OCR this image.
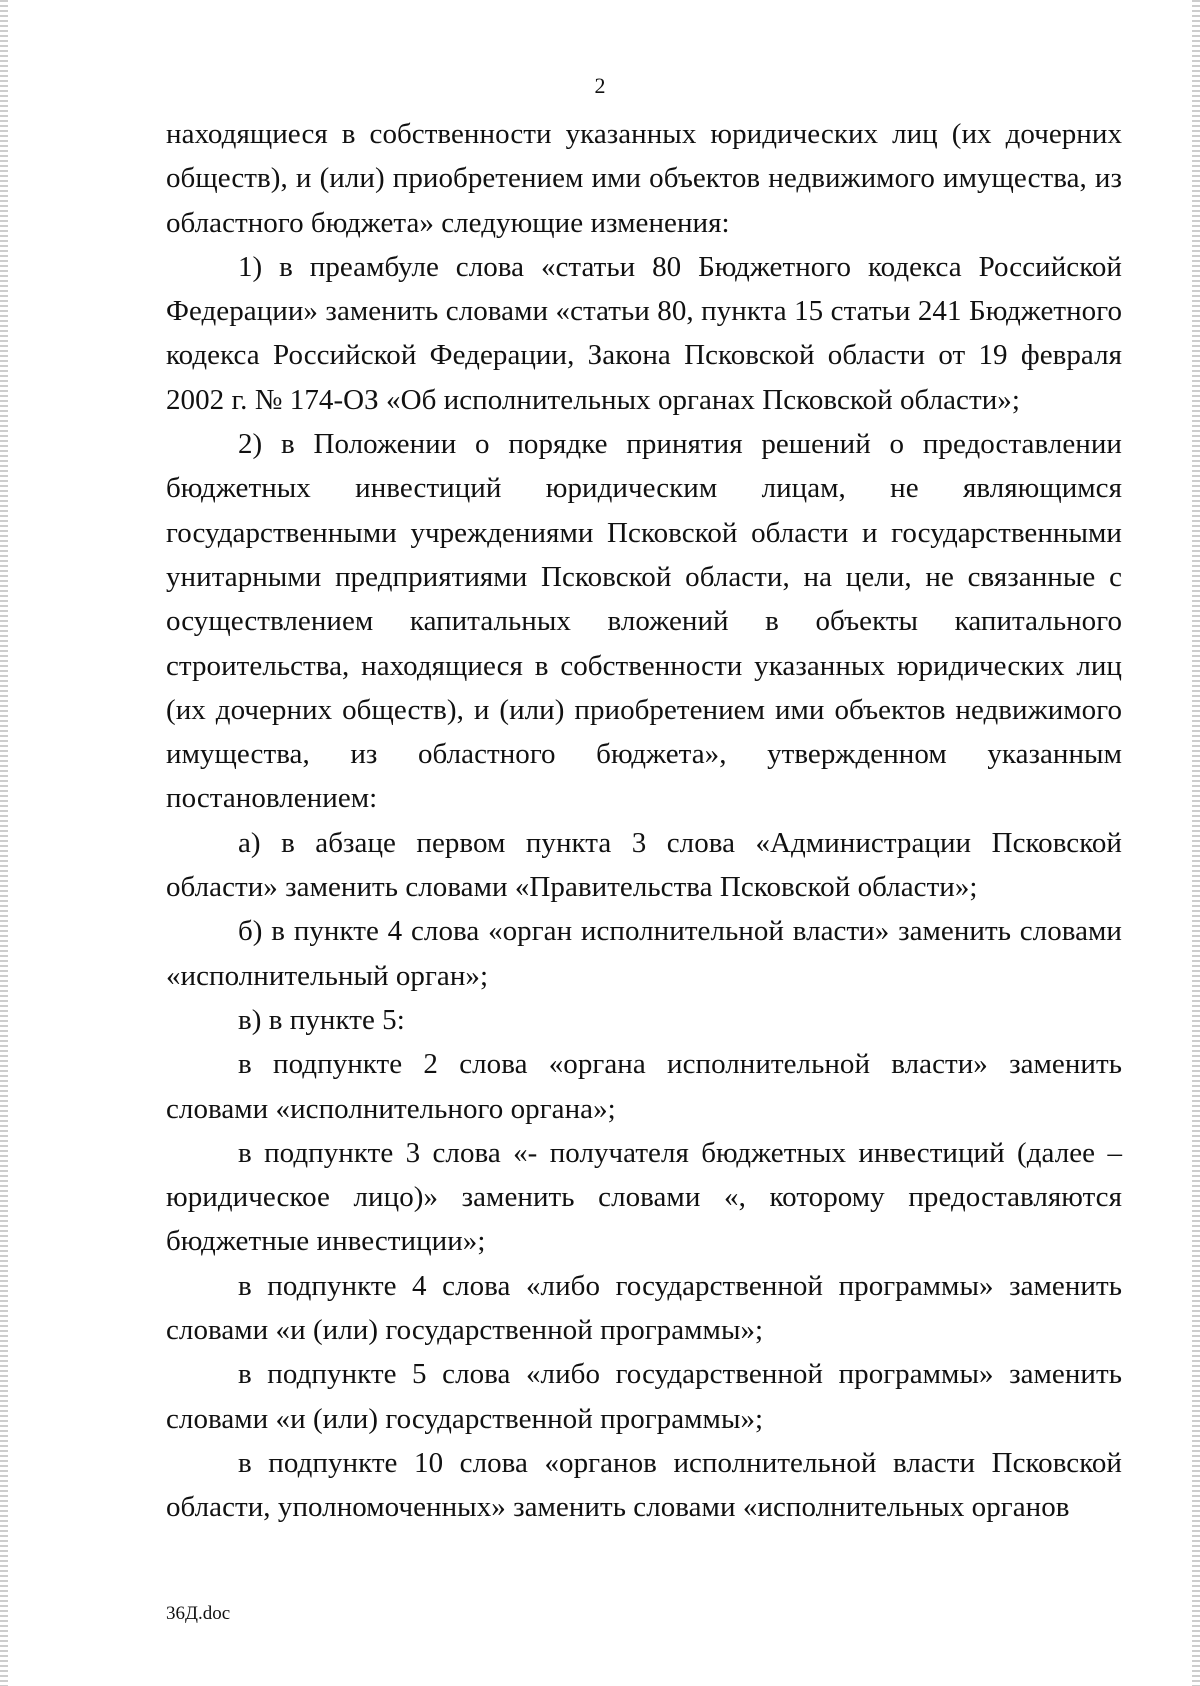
2

находящиеся в собственности указанных юридических лиц (их дочерних обществ), и (или) приобретением ими объектов недвижимого имущества, из областного бюджета» следующие изменения:

1) в преамбуле слова «статьи 80 Бюджетного кодекса Российской Федерации» заменить словами «статьи 80, пункта 15 статьи 241 Бюджетного кодекса Российской Федерации, Закона Псковской области от 19 февраля 2002 г. № 174-ОЗ «Об исполнительных органах Псковской области»;

2) в Положении о порядке принятия решений о предоставлении бюджетных инвестиций юридическим лицам, не являющимся государственными учреждениями Псковской области и государственными унитарными предприятиями Псковской области, на цели, не связанные с осуществлением капитальных вложений в объекты капитального строительства, находящиеся в собственности указанных юридических лиц (их дочерних обществ), и (или) приобретением ими объектов недвижимого имущества, из областного бюджета», утвержденном указанным постановлением:

а) в абзаце первом пункта 3 слова «Администрации Псковской области» заменить словами «Правительства Псковской области»;

б) в пункте 4 слова «орган исполнительной власти» заменить словами «исполнительный орган»;

в) в пункте 5:

в подпункте 2 слова «органа исполнительной власти» заменить словами «исполнительного органа»;

в подпункте 3 слова «- получателя бюджетных инвестиций (далее – юридическое лицо)» заменить словами «, которому предоставляются бюджетные инвестиции»;

в подпункте 4 слова «либо государственной программы» заменить словами «и (или) государственной программы»;

в подпункте 5 слова «либо государственной программы» заменить словами «и (или) государственной программы»;

в подпункте 10 слова «органов исполнительной власти Псковской области, уполномоченных» заменить словами «исполнительных органов

36Д.doc
